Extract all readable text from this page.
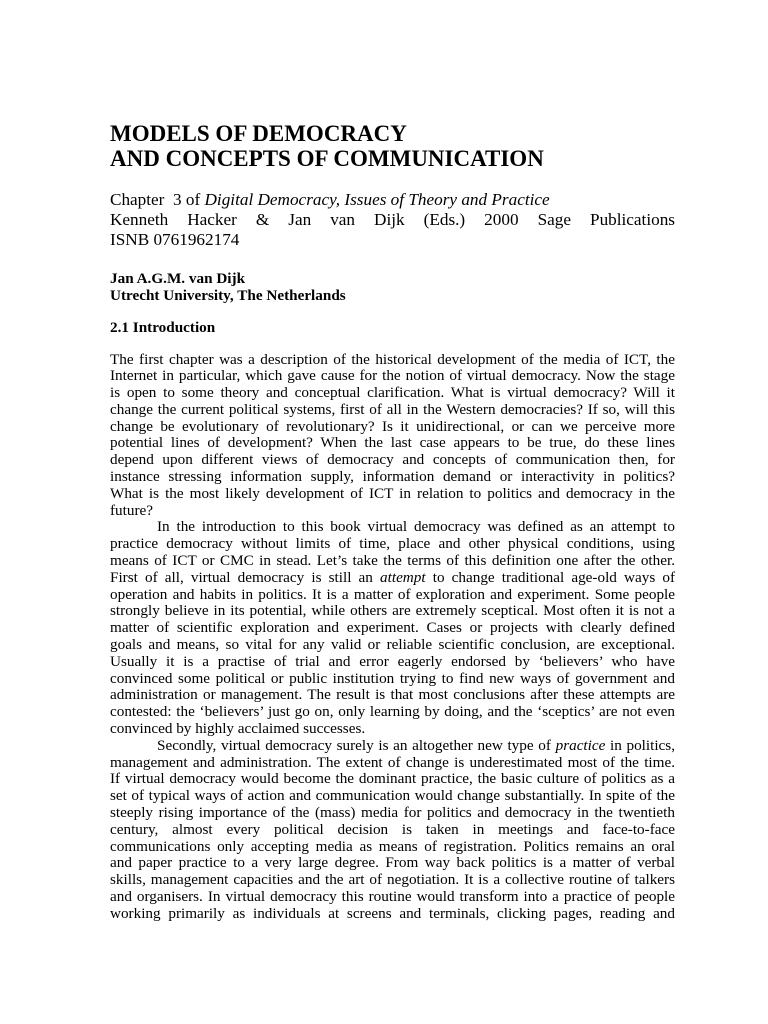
MODELS OF DEMOCRACY
AND CONCEPTS OF COMMUNICATION
Chapter  3 of Digital Democracy, Issues of Theory and Practice
Kenneth Hacker & Jan van Dijk (Eds.) 2000 Sage Publications
ISNB 0761962174
Jan A.G.M. van Dijk
Utrecht University, The Netherlands
2.1 Introduction
The first chapter was a description of the historical development of the media of ICT, the
Internet in particular, which gave cause for the notion of virtual democracy. Now the stage
is open to some theory and conceptual clarification. What is virtual democracy? Will it
change the current political systems, first of all in the Western democracies? If so, will this
change be evolutionary of revolutionary? Is it unidirectional, or can we perceive more
potential lines of development? When the last case appears to be true, do these lines
depend upon different views of democracy and concepts of communication then, for
instance stressing information supply, information demand or interactivity in politics?
What is the most likely development of ICT in relation to politics and democracy in the
future?
In the introduction to this book virtual democracy was defined as an attempt to
practice democracy without limits of time, place and other physical conditions, using
means of ICT or CMC in stead. Let’s take the terms of this definition one after the other.
First of all, virtual democracy is still an attempt to change traditional age-old ways of
operation and habits in politics. It is a matter of exploration and experiment. Some people
strongly believe in its potential, while others are extremely sceptical. Most often it is not a
matter of scientific exploration and experiment. Cases or projects with clearly defined
goals and means, so vital for any valid or reliable scientific conclusion, are exceptional.
Usually it is a practise of trial and error eagerly endorsed by ‘believers’ who have
convinced some political or public institution trying to find new ways of government and
administration or management. The result is that most conclusions after these attempts are
contested: the ‘believers’ just go on, only learning by doing, and the ‘sceptics’ are not even
convinced by highly acclaimed successes.
Secondly, virtual democracy surely is an altogether new type of practice in politics,
management and administration. The extent of change is underestimated most of the time.
If virtual democracy would become the dominant practice, the basic culture of politics as a
set of typical ways of action and communication would change substantially. In spite of the
steeply rising importance of the (mass) media for politics and democracy in the twentieth
century, almost every political decision is taken in meetings and face-to-face
communications only accepting media as means of registration. Politics remains an oral
and paper practice to a very large degree. From way back politics is a matter of verbal
skills, management capacities and the art of negotiation. It is a collective routine of talkers
and organisers. In virtual democracy this routine would transform into a practice of people
working primarily as individuals at screens and terminals, clicking pages, reading and
